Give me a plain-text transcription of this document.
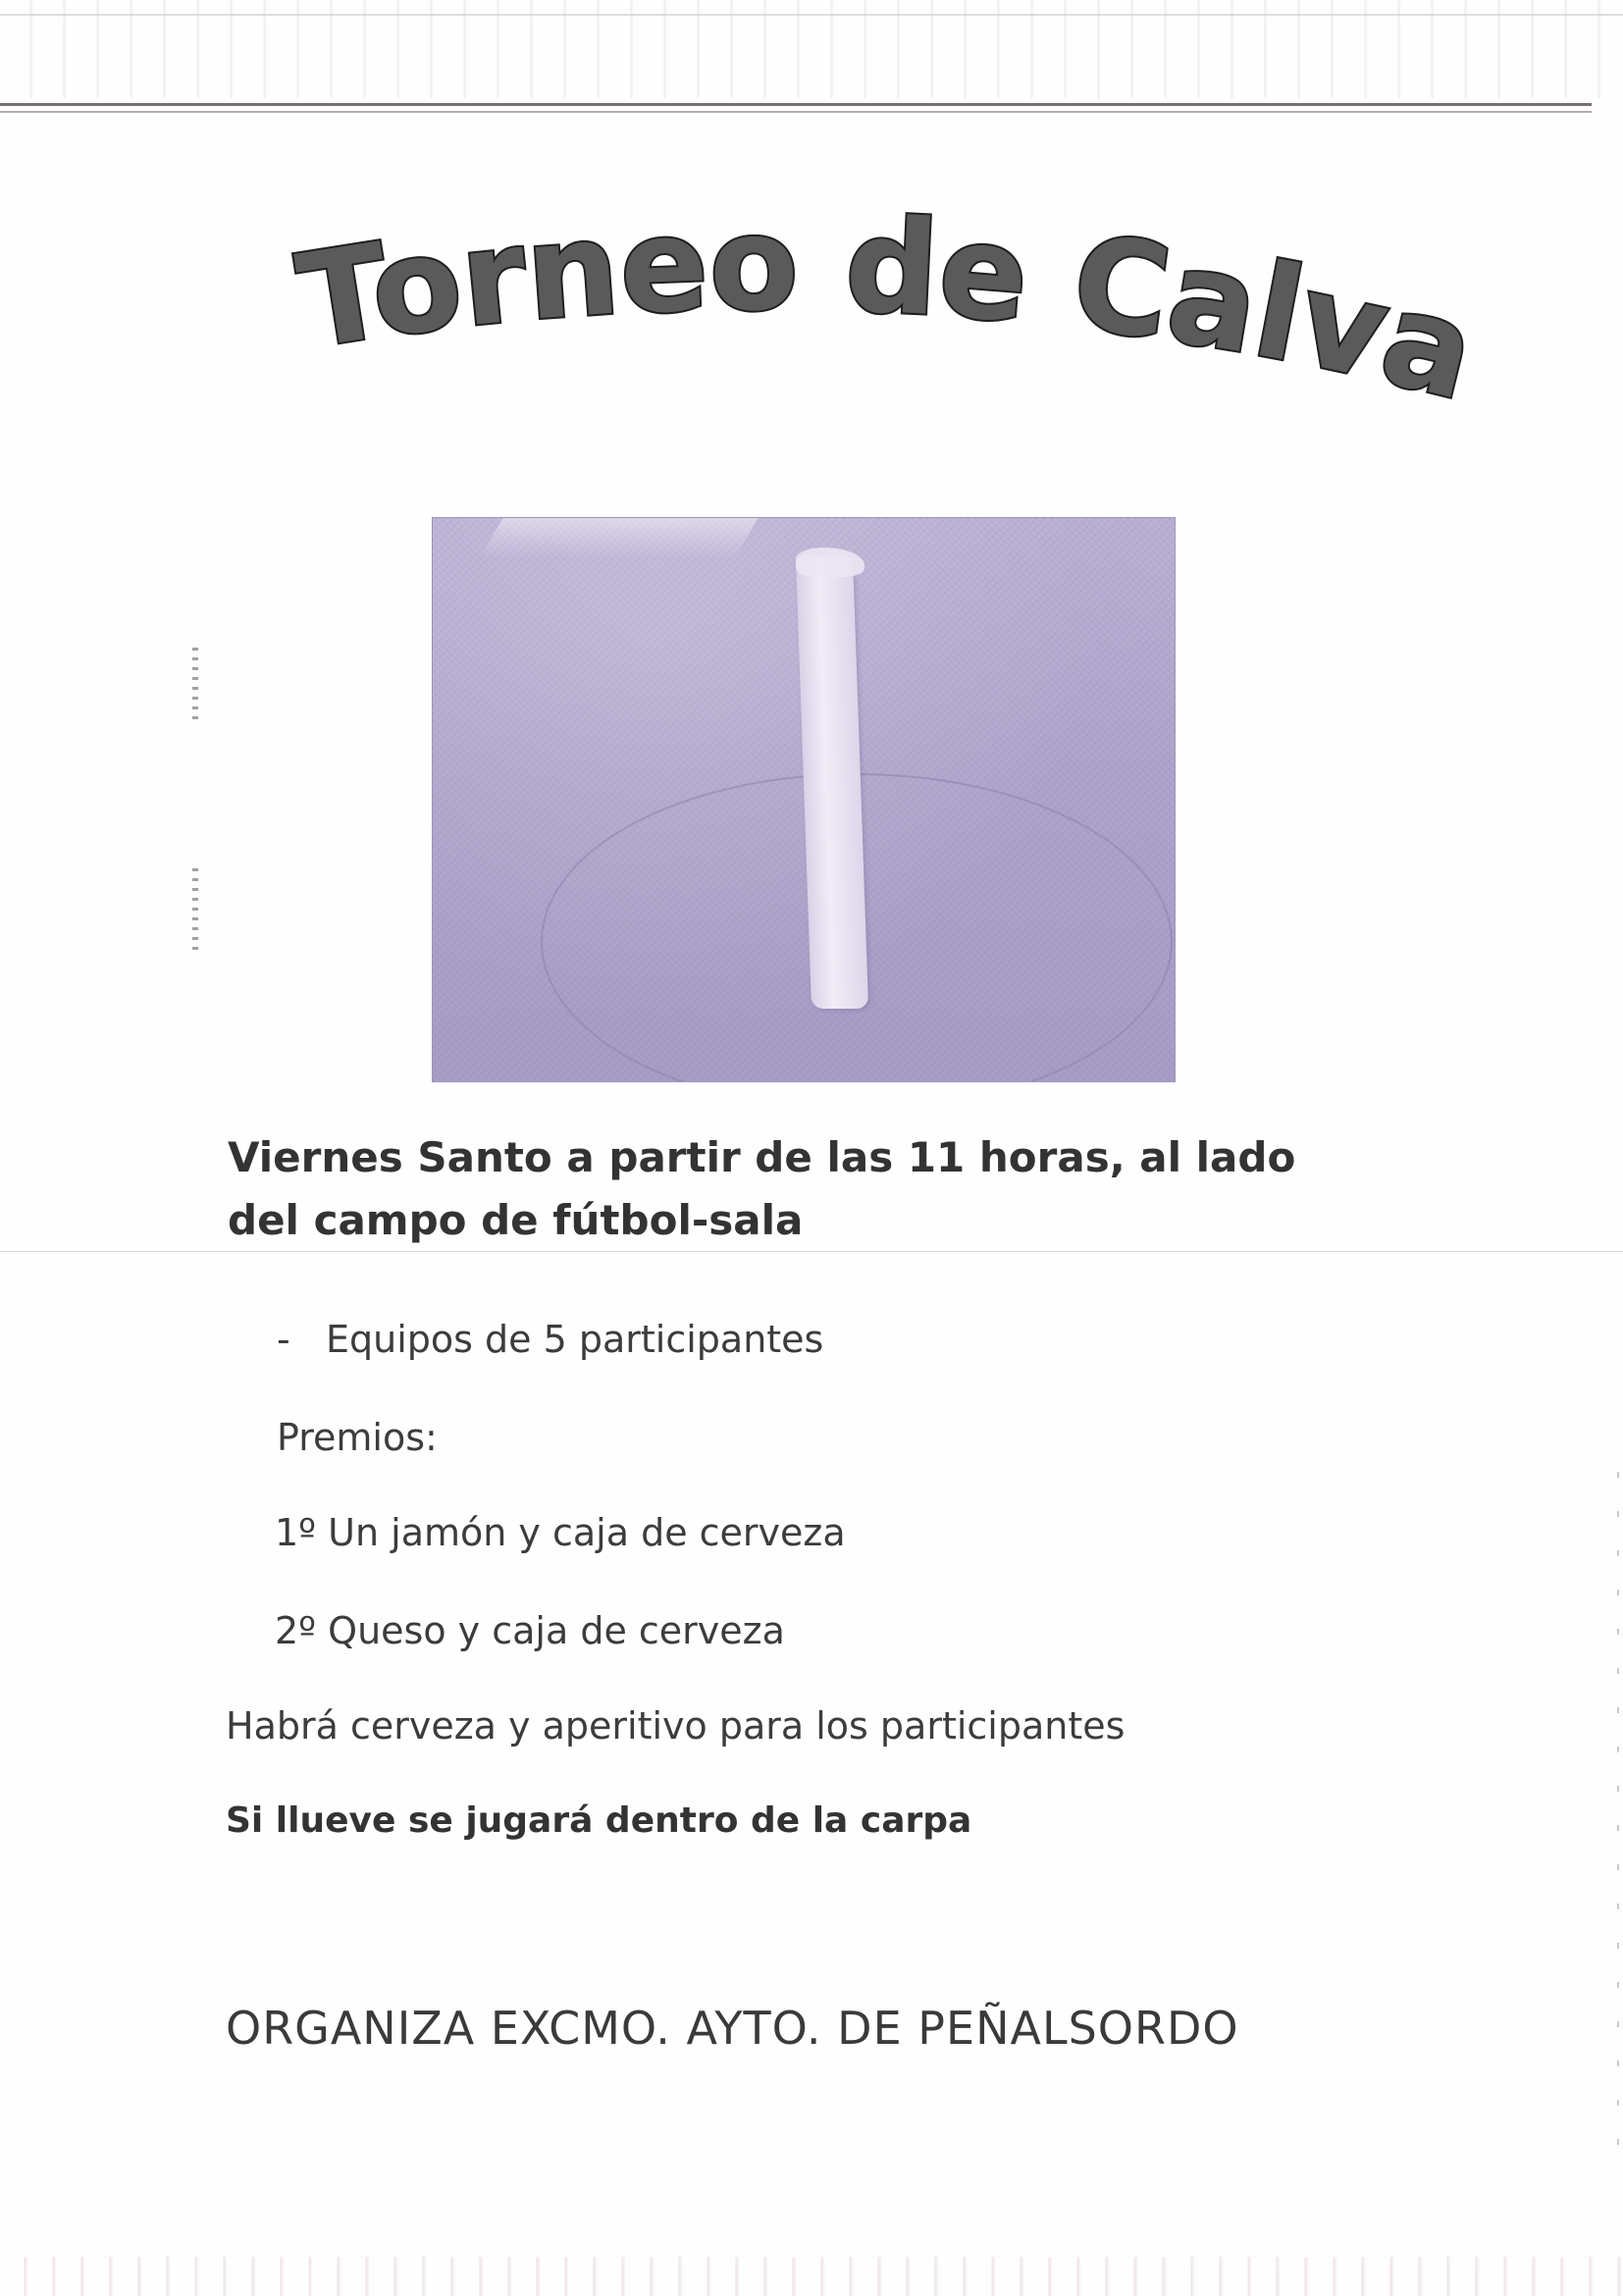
Torneo de Calva
Viernes Santo a partir de las 11 horas, al lado
del campo de fútbol-sala
- Equipos de 5 participantes
Premios:
1º Un jamón y caja de cerveza
2º Queso y caja de cerveza
Habrá cerveza y aperitivo para los participantes
Si llueve se jugará dentro de la carpa
ORGANIZA EXCMO. AYTO. DE PEÑALSORDO
